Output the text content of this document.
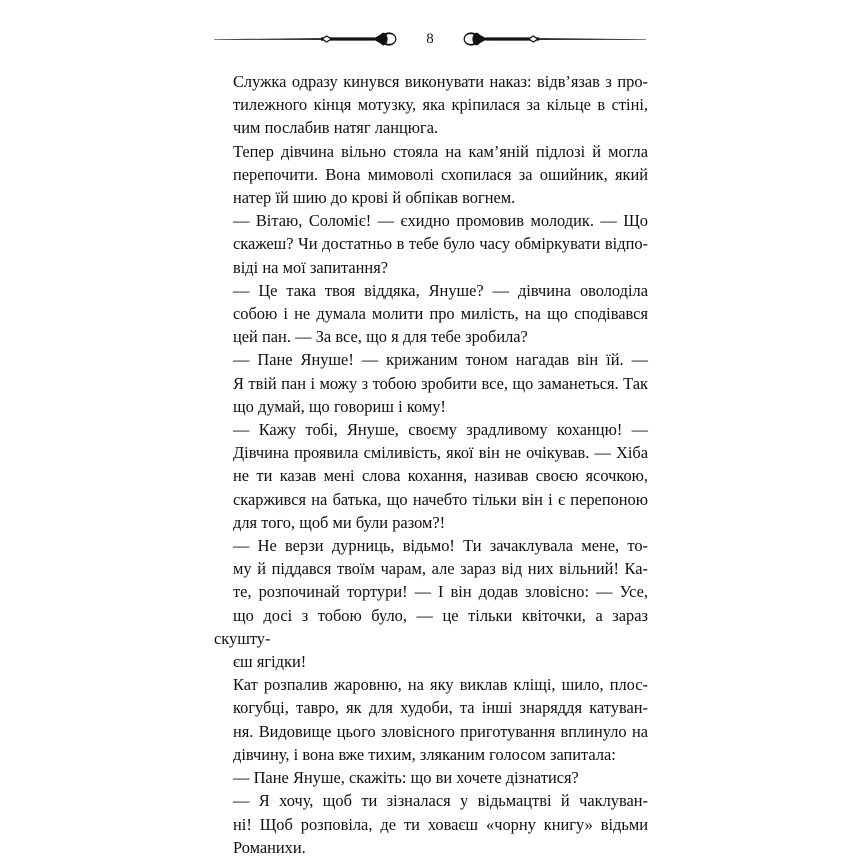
8

Служка одразу кинувся виконувати наказ: відв’язав з про-
тилежного кінця мотузку, яка кріпилася за кільце в стіні,
чим послабив натяг ланцюга.

Тепер дівчина вільно стояла на кам’яній підлозі й могла
перепочити. Вона мимоволі схопилася за ошийник, який
натер їй шию до крові й обпікав вогнем.

— Вітаю, Соломіє! — єхидно промовив молодик. — Що
скажеш? Чи достатньо в тебе було часу обміркувати відпо-
віді на мої запитання?

— Це така твоя віддяка, Януше? — дівчина оволоділа
собою і не думала молити про милість, на що сподівався
цей пан. — За все, що я для тебе зробила?

— Пане Януше! — крижаним тоном нагадав він їй. —
Я твій пан і можу з тобою зробити все, що заманеться. Так
що думай, що говориш і кому!

— Кажу тобі, Януше, своєму зрадливому коханцю! —
Дівчина проявила сміливість, якої він не очікував. — Хіба
не ти казав мені слова кохання, називав своєю ясочкою,
скаржився на батька, що начебто тільки він і є перепоною
для того, щоб ми були разом?!

— Не верзи дурниць, відьмо! Ти зачаклувала мене, то-
му й піддався твоїм чарам, але зараз від них вільний! Ка-
те, розпочинай тортури! — І він додав зловісно: — Усе,
що досі з тобою було, — це тільки квіточки, а зараз скушту-
єш ягідки!

Кат розпалив жаровню, на яку виклав кліщі, шило, плос-
когубці, тавро, як для худоби, та інші знаряддя катуван-
ня. Видовище цього зловісного приготування вплинуло на
дівчину, і вона вже тихим, зляканим голосом запитала:

— Пане Януше, скажіть: що ви хочете дізнатися?

— Я хочу, щоб ти зізналася у відьмацтві й чаклуван-
ні! Щоб розповіла, де ти ховаєш «чорну книгу» відьми
Романихи.
